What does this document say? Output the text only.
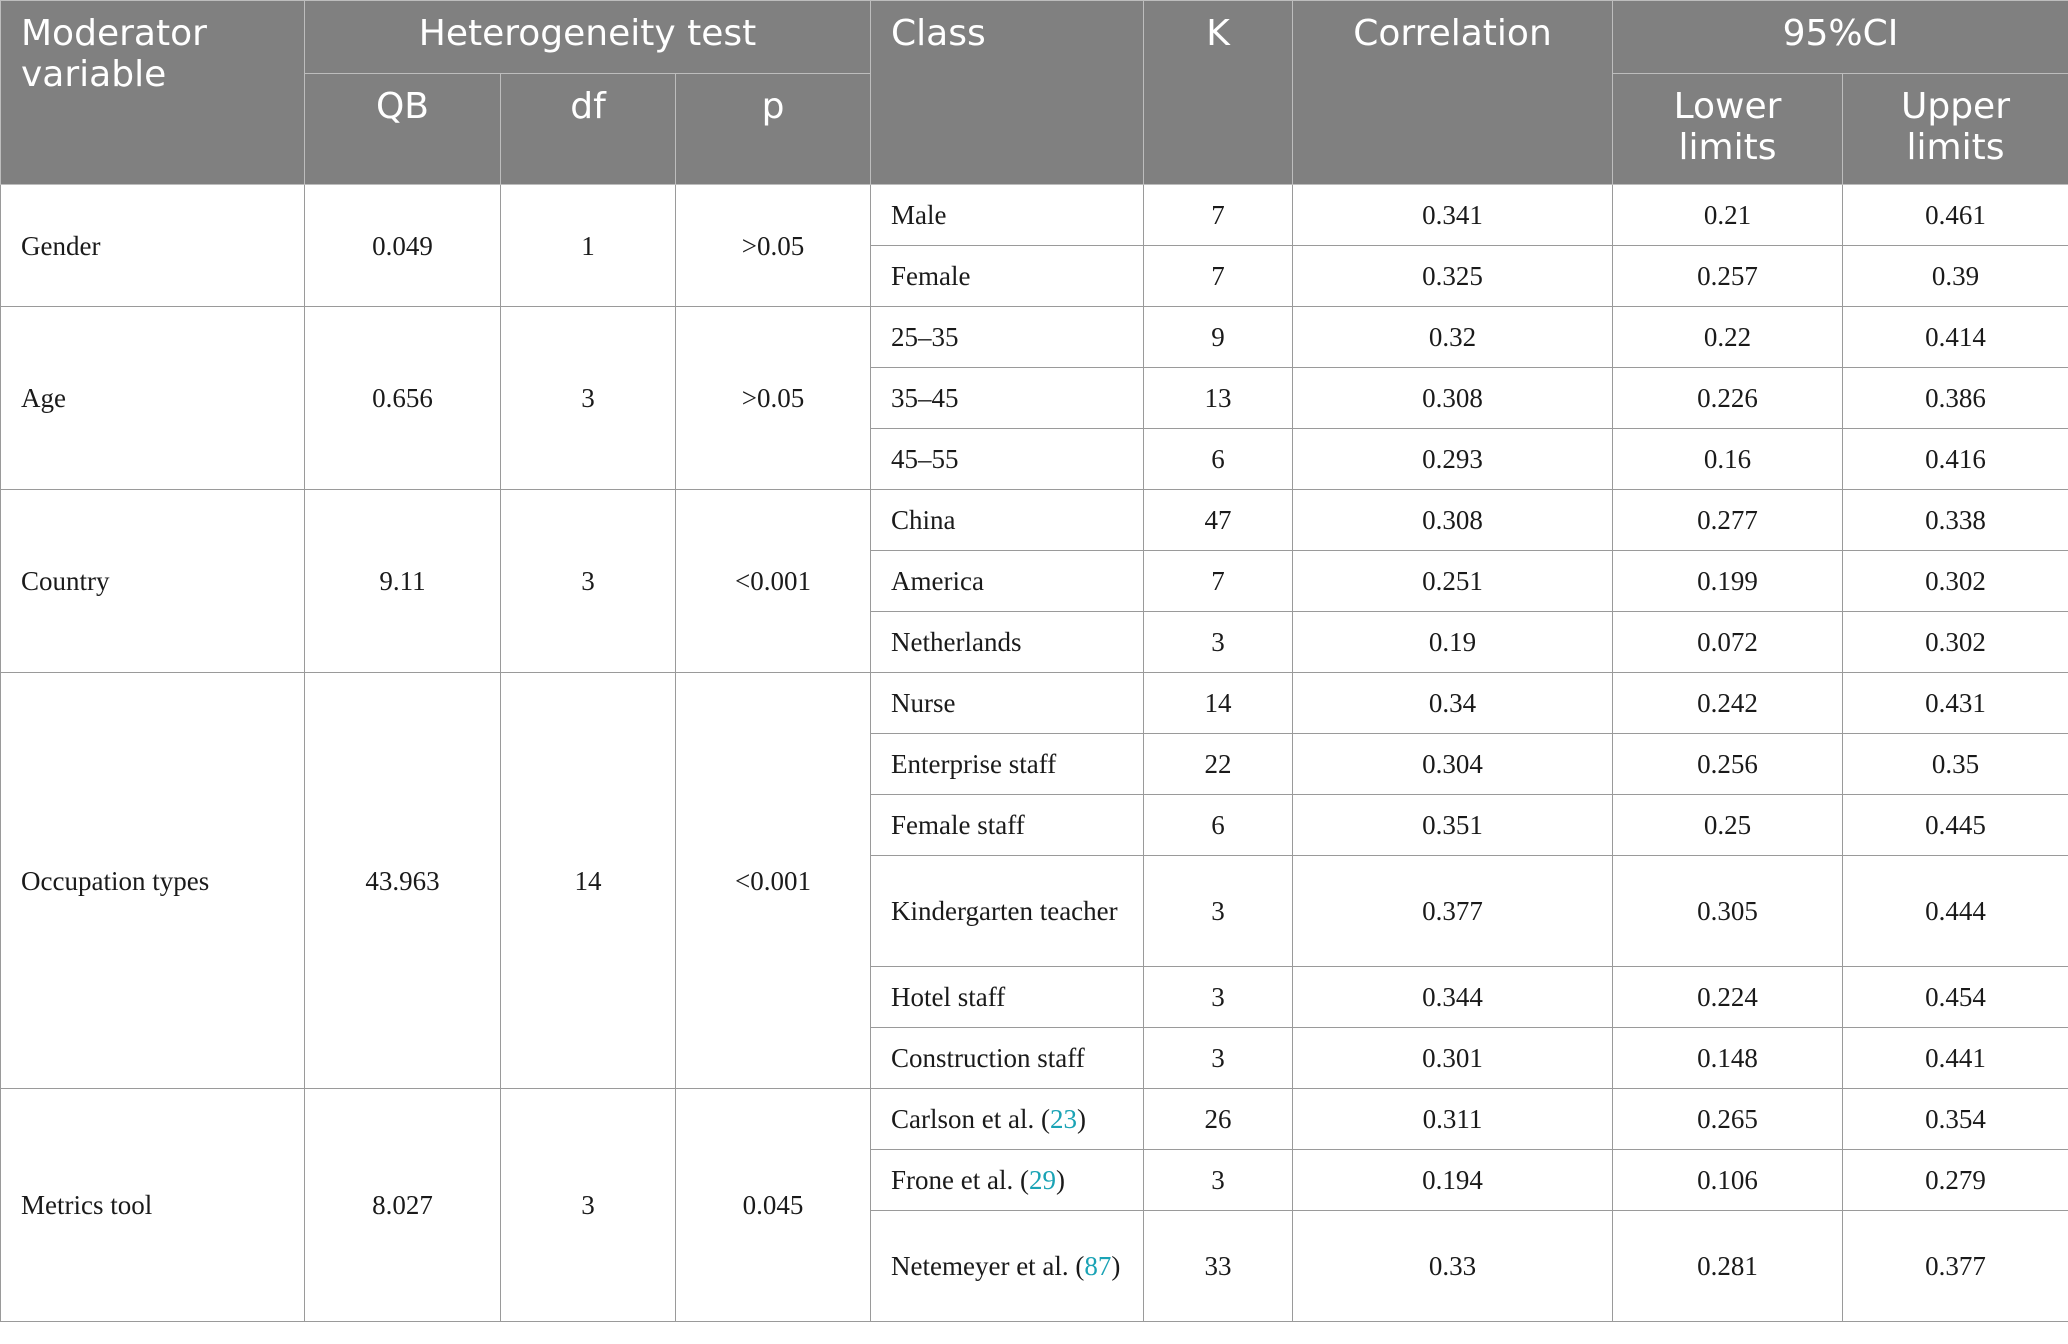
Moderator variable	Heterogeneity test			Class	K	Correlation	95%CI	
	QB	df	p				Lower limits	Upper limits
Gender	0.049	1	>0.05	Male	7	0.341	0.21	0.461
				Female	7	0.325	0.257	0.39
Age	0.656	3	>0.05	25–35	9	0.32	0.22	0.414
				35–45	13	0.308	0.226	0.386
				45–55	6	0.293	0.16	0.416
Country	9.11	3	<0.001	China	47	0.308	0.277	0.338
				America	7	0.251	0.199	0.302
				Netherlands	3	0.19	0.072	0.302
Occupation types	43.963	14	<0.001	Nurse	14	0.34	0.242	0.431
				Enterprise staff	22	0.304	0.256	0.35
				Female staff	6	0.351	0.25	0.445
				Kindergarten teacher	3	0.377	0.305	0.444
				Hotel staff	3	0.344	0.224	0.454
				Construction staff	3	0.301	0.148	0.441
Metrics tool	8.027	3	0.045	Carlson et al. (23)	26	0.311	0.265	0.354
				Frone et al. (29)	3	0.194	0.106	0.279
				Netemeyer et al. (87)	33	0.33	0.281	0.377
